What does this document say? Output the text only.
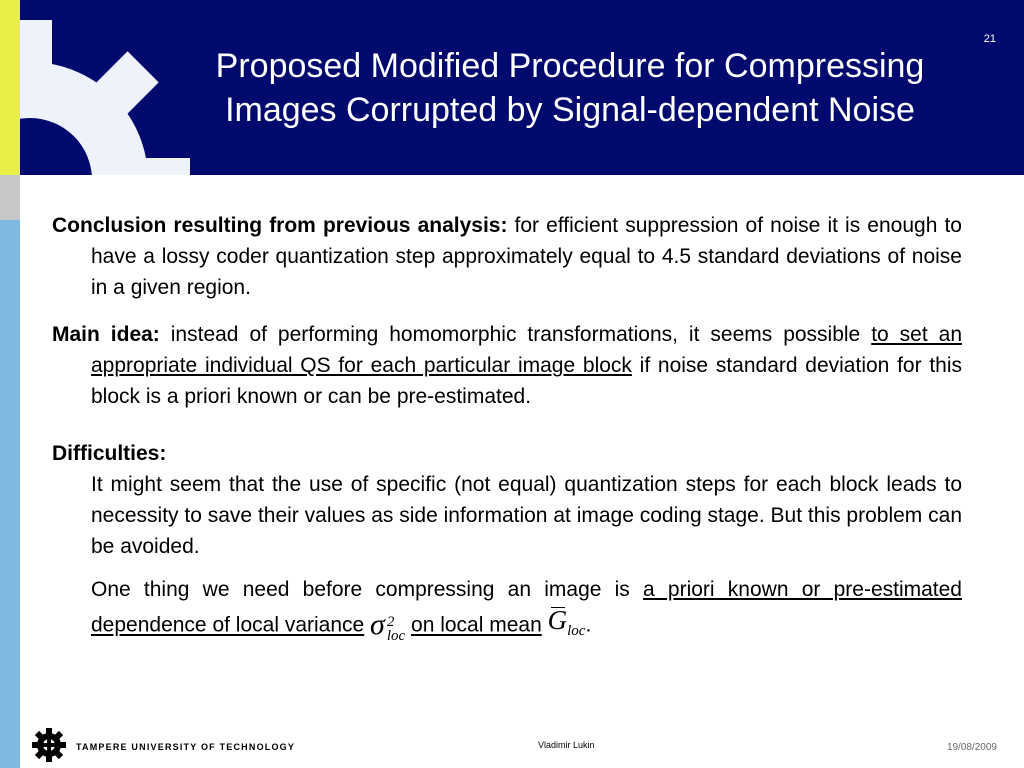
Proposed Modified Procedure for Compressing
Images Corrupted by Signal-dependent Noise
21

Conclusion resulting from previous analysis: for efficient suppression of noise it is enough to have a lossy coder quantization step approximately equal to 4.5 standard deviations of noise in a given region.

Main idea: instead of performing homomorphic transformations, it seems possible to set an appropriate individual QS for each particular image block if noise standard deviation for this block is a priori known or can be pre-estimated.

Difficulties:

It might seem that the use of specific (not equal) quantization steps for each block leads to necessity to save their values as side information at image coding stage. But this problem can be avoided.

One thing we need before compressing an image is a priori known or pre-estimated dependence of local variance σ 2
loc on local mean $G_{loc}$.

TAMPERE UNIVERSITY OF TECHNOLOGY	Vladimir Lukin	19/08/2009
